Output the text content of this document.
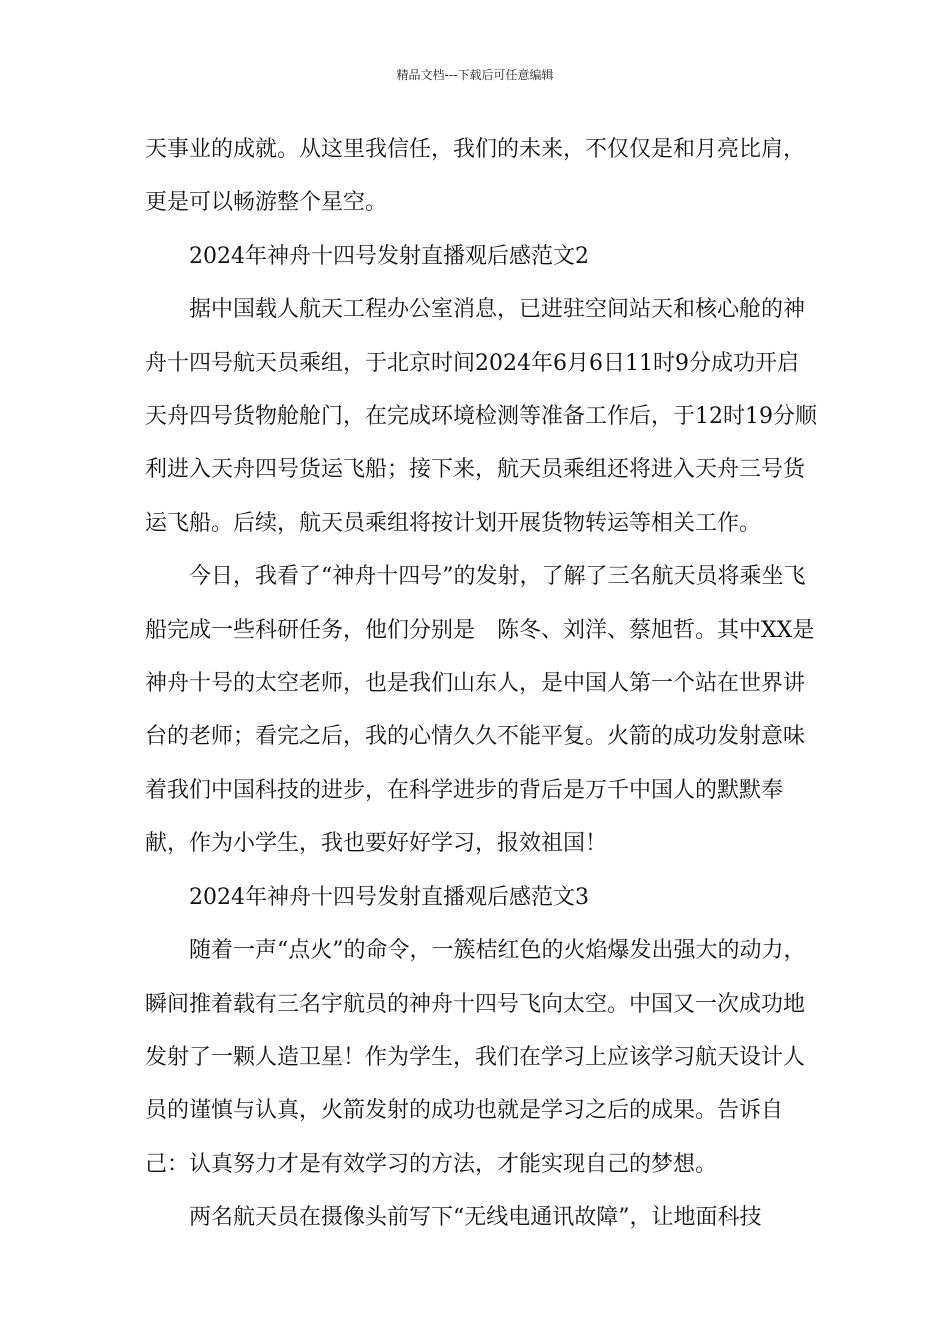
精品文档---下载后可任意编辑

天事业的成就。从这里我信任，我们的未来，不仅仅是和月亮比肩，更是可以畅游整个星空。

2024年神舟十四号发射直播观后感范文2

据中国载人航天工程办公室消息，已进驻空间站天和核心舱的神舟十四号航天员乘组，于北京时间2024年6月6日11时9分成功开启天舟四号货物舱舱门，在完成环境检测等准备工作后，于12时19分顺利进入天舟四号货运飞船；接下来，航天员乘组还将进入天舟三号货运飞船。后续，航天员乘组将按计划开展货物转运等相关工作。

今日，我看了“神舟十四号”的发射，了解了三名航天员将乘坐飞船完成一些科研任务，他们分别是　陈冬、刘洋、蔡旭哲。其中XX是神舟十号的太空老师，也是我们山东人，是中国人第一个站在世界讲台的老师；看完之后，我的心情久久不能平复。火箭的成功发射意味着我们中国科技的进步，在科学进步的背后是万千中国人的默默奉献，作为小学生，我也要好好学习，报效祖国！

2024年神舟十四号发射直播观后感范文3

随着一声“点火”的命令，一簇桔红色的火焰爆发出强大的动力，瞬间推着载有三名宇航员的神舟十四号飞向太空。中国又一次成功地发射了一颗人造卫星！作为学生，我们在学习上应该学习航天设计人员的谨慎与认真，火箭发射的成功也就是学习之后的成果。告诉自己：认真努力才是有效学习的方法，才能实现自己的梦想。

两名航天员在摄像头前写下“无线电通讯故障”，让地面科技
